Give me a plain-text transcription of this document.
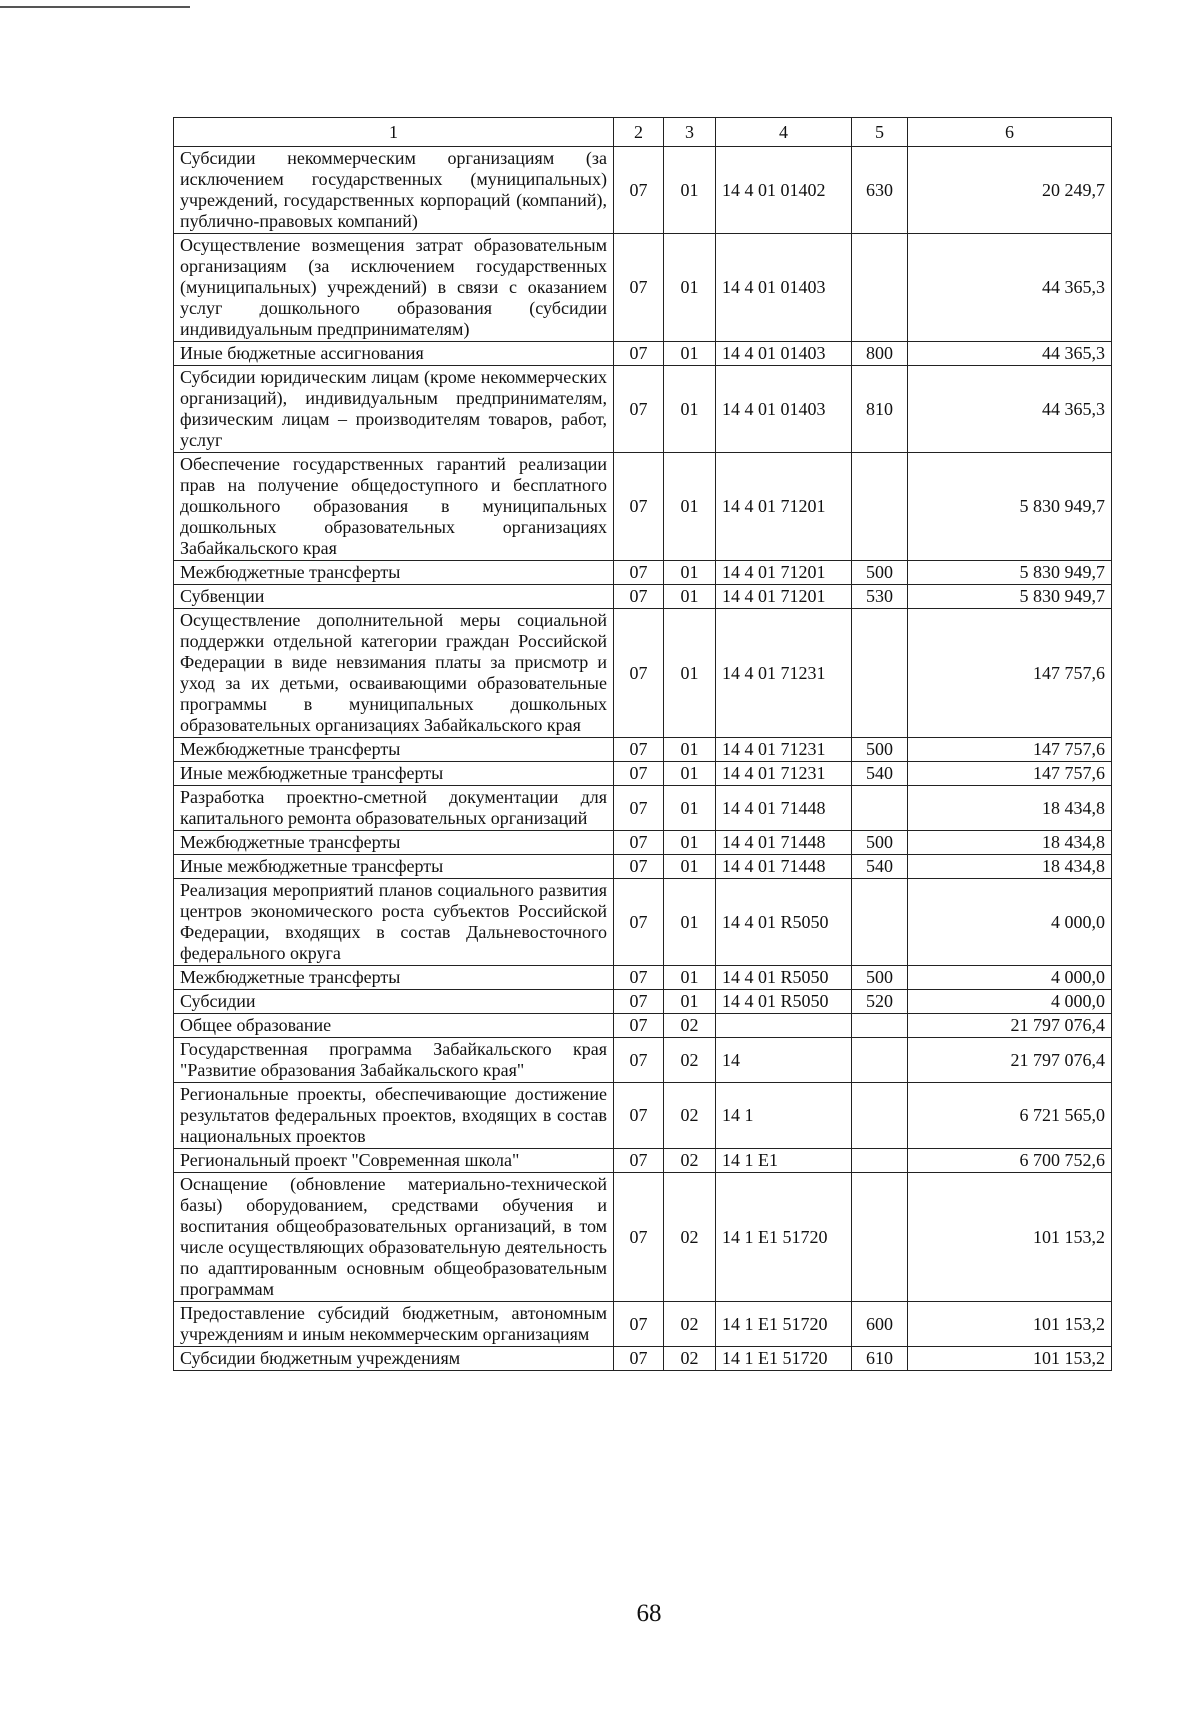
1	2	3	4	5	6
Субсидии некоммерческим организациям (за исключением государственных (муниципальных) учреждений, государственных корпораций (компаний), публично-правовых компаний)	07	01	14 4 01 01402	630	20 249,7
Осуществление возмещения затрат образовательным организациям (за исключением государственных (муниципальных) учреждений) в связи с оказанием услуг дошкольного образования (субсидии индивидуальным предпринимателям)	07	01	14 4 01 01403		44 365,3
Иные бюджетные ассигнования	07	01	14 4 01 01403	800	44 365,3
Субсидии юридическим лицам (кроме некоммерческих организаций), индивидуальным предпринимателям, физическим лицам – производителям товаров, работ, услуг	07	01	14 4 01 01403	810	44 365,3
Обеспечение государственных гарантий реализации прав на получение общедоступного и бесплатного дошкольного образования в муниципальных дошкольных образовательных организациях Забайкальского края	07	01	14 4 01 71201		5 830 949,7
Межбюджетные трансферты	07	01	14 4 01 71201	500	5 830 949,7
Субвенции	07	01	14 4 01 71201	530	5 830 949,7
Осуществление дополнительной меры социальной поддержки отдельной категории граждан Российской Федерации в виде невзимания платы за присмотр и уход за их детьми, осваивающими образовательные программы в муниципальных дошкольных образовательных организациях Забайкальского края	07	01	14 4 01 71231		147 757,6
Межбюджетные трансферты	07	01	14 4 01 71231	500	147 757,6
Иные межбюджетные трансферты	07	01	14 4 01 71231	540	147 757,6
Разработка проектно-сметной документации для капитального ремонта образовательных организаций	07	01	14 4 01 71448		18 434,8
Межбюджетные трансферты	07	01	14 4 01 71448	500	18 434,8
Иные межбюджетные трансферты	07	01	14 4 01 71448	540	18 434,8
Реализация мероприятий планов социального развития центров экономического роста субъектов Российской Федерации, входящих в состав Дальневосточного федерального округа	07	01	14 4 01 R5050		4 000,0
Межбюджетные трансферты	07	01	14 4 01 R5050	500	4 000,0
Субсидии	07	01	14 4 01 R5050	520	4 000,0
Общее образование	07	02			21 797 076,4
Государственная программа Забайкальского края "Развитие образования Забайкальского края"	07	02	14		21 797 076,4
Региональные проекты, обеспечивающие достижение результатов федеральных проектов, входящих в состав национальных проектов	07	02	14 1		6 721 565,0
Региональный проект "Современная школа"	07	02	14 1 E1		6 700 752,6
Оснащение (обновление материально-технической базы) оборудованием, средствами обучения и воспитания общеобразовательных организаций, в том числе осуществляющих образовательную деятельность по адаптированным основным общеобразовательным программам	07	02	14 1 E1 51720		101 153,2
Предоставление субсидий бюджетным, автономным учреждениям и иным некоммерческим организациям	07	02	14 1 E1 51720	600	101 153,2
Субсидии бюджетным учреждениям	07	02	14 1 E1 51720	610	101 153,2
68
